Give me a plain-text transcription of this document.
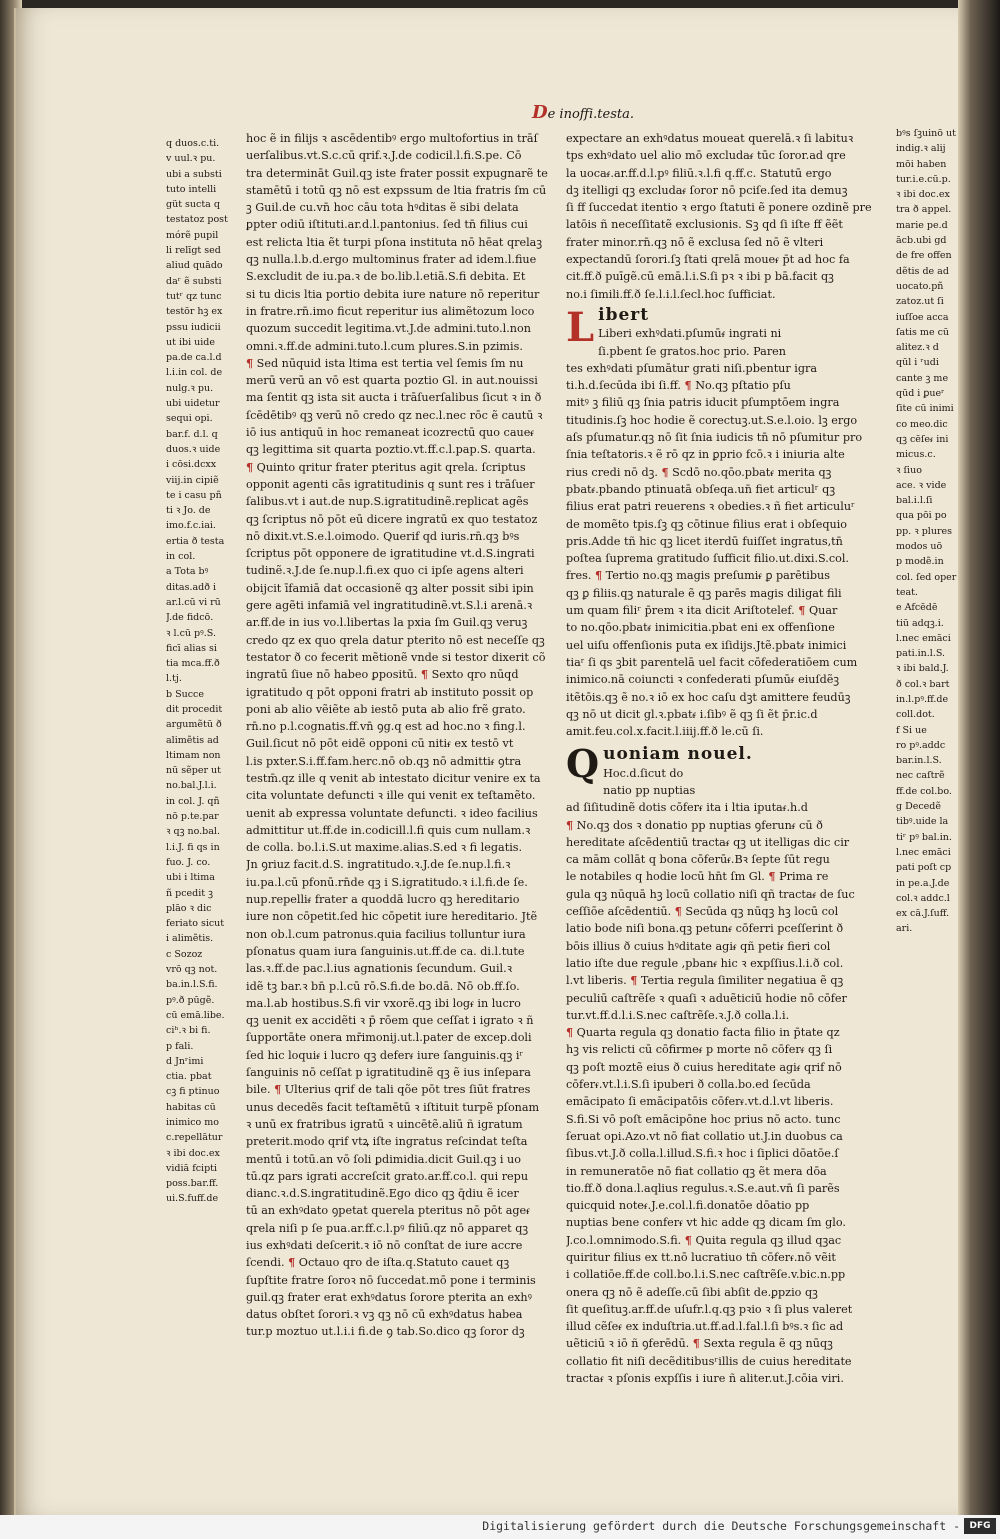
De inoffi.testa.

q duos.c.ti.

v uul.ꝛ pu.

ubi a substi

tuto intelli

güt sucta q

testatoz post

mórẽ pupil

li relīgt sed

aliud quādo

daʳ ẽ substi

tutʳ qz tunc

testōr hꝫ ex

pssu iudicii

ut ibi uide

pa.de ca.l.d

l.i.in col. de

nulg.ꝛ pu.

ubi uidetur

sequi opi.

bar.f. d.l. q

duos.ꝛ uide

i cōsi.dcxx

viij.in cipiẽ

te i casu pñ

ti ꝛ Jo. de

imo.f.c.iai.

ertia ð testa

in col.

a Tota bꝰ

ditas.adð i

ar.l.cū vi rū

J.de fidcō.

ꝛ l.cū pꝰ.S.

ficī alias si

tia mca.ff.ð

l.tj.

b Succe

dit procedit

argumẽtū ð

alimẽtis ad

ltimam non

nū sẽper ut

no.bal.J.l.i.

in col. J. qñ

nō p.te.par

ꝛ qꝫ no.bal.

l.i.J. fi qs in

fuo. J. co.

ubi i ltima

ñ pcedit ꝫ

plāo ꝛ dic

feriato sicut

i alimẽtis.

c Sozoz

vrō qꝫ not.

ba.in.l.S.fi.

pꝰ.ð pūgẽ.

cū emā.libe.

ciʰ.ꝛ bi fi.

p fali.

d Jnʳimi

ctia. pbat

cꝫ fi ptinuo

habitas cū

inimico mo

c.repellātur

ꝛ ibi doc.ex

vidiā fcipti

poss.bar.ff.

ui.S.fuff.de

hoc ẽ in filijs ꝛ ascēdentibꝰ ergo multofortius in trāſ

uerſalibus.vt.S.c.cū qrif.ꝛ.J.de codicil.l.fi.S.pe. Cō

tra determināt Guil.qꝫ iste frater possit expugnarẽ te

stamētū i totū qꝫ nō est expssum de ltia fratris ſm cū

ꝫ Guil.de cu.vn̄ hoc cāu tota hꝰditas ẽ sibi delata

ꝑpter odiū iſtituti.ar.d.l.pantonius. ſed tn̄ filius cui

est relicta ltia ẽt turpi pſona instituta nō hēat qrelaꝫ

qꝫ nulla.l.b.d.ergo multominus frater ad idem.l.fiue

S.excludit de iu.pa.ꝛ de bo.lib.l.etiā.S.fi debita. Et

si tu dicis ltia portio debita iure nature nō reperitur

in fratre.rn̄.imo ficut reperitur ius alimẽtozum loco

quozum succedit legitima.vt.J.de admini.tuto.l.non

omni.ꝛ.ff.de admini.tuto.l.cum plures.S.in pzimis.

¶ Sed nūquid ista ltima est tertia vel ſemis ſm nu

merū verū an vō est quarta poztio Gl. in aut.nouissi

ma ſentit qꝫ ista sit aucta i trāſuerſalibus ſicut ꝛ in ð

ſcēdētibꝰ qꝫ verū nō credo qz nec.l.nec rōc ẽ cautū ꝛ

iō ius antiquū in hoc remaneat icozrectū quo caueᵳ

qꝫ legittima sit quarta poztio.vt.ff.c.l.pap.S. quarta.

¶ Quinto qritur frater pteritus agit qrela. ſcriptus

opponit agenti cās igratitudinis q sunt res i trāſuer

ſalibus.vt i aut.de nup.S.igratitudinẽ.replicat agẽs

qꝫ ſcriptus nō pōt eū dicere ingratū ex quo testatoz

nō dixit.vt.S.e.l.oimodo. Querif qd iuris.rn̄.qꝫ bꝰs

ſcriptus pōt opponere de igratitudine vt.d.S.ingrati

tudinẽ.ꝛ.J.de ſe.nup.l.fi.ex quo ci ipſe agens alteri

obijcit īfamiā dat occasionẽ qꝫ alter possit sibi ipin

gere agẽti infamiā vel ingratitudinẽ.vt.S.l.i arenā.ꝛ

ar.ff.de in ius vo.l.libertas la pxia ſm Guil.qꝫ veruꝫ

credo qz ex quo qrela datur pterito nō est neceſſe qꝫ

testator ð co fecerit mẽtionẽ vnde si testor dixerit cõ

ingratū ſiue nō habeo ꝑpositū. ¶ Sexto qro nūqd

igratitudo q pōt opponi fratri ab instituto possit op

poni ab alio vẽiẽte ab iestō puta ab alio frẽ grato.

rn̄.no p.l.cognatis.ff.vn̄ ꝯg.q est ad hoc.no ꝛ fing.l.

Guil.ſicut nō pōt eidẽ opponi cū nitiᵳ ex testō vt

l.is pxter.S.i.ff.fam.herc.nō ob.qꝫ nō admittiᵳ ꝯtra

testm̄.qz ille q venit ab intestato dicitur venire ex ta

cita voluntate defuncti ꝛ ille qui venit ex teſtamẽto.

uenit ab expressa voluntate defuncti. ꝛ ideo facilius

admittitur ut.ff.de in.codicill.l.fi quis cum nullam.ꝛ

de colla. bo.l.i.S.ut maxime.alias.S.ed ꝛ fi legatis.

Jn ꝯriuz facit.d.S. ingratitudo.ꝛ.J.de ſe.nup.l.fi.ꝛ

iu.pa.l.cū pfonū.rn̄de qꝫ i S.igratitudo.ꝛ i.l.fi.de ſe.

nup.repelliᵳ frater a quoddā lucro qꝫ hereditario

iure non cōpetit.ſed hic cōpetit iure hereditario. Jtẽ

non ob.l.cum patronus.quia facilius tolluntur iura

pſonatus quam iura ſanguinis.ut.ff.de ca. di.l.tute

las.ꝛ.ff.de pac.l.ius agnationis ſecundum. Guil.ꝛ

idẽ tꝫ bar.ꝛ bn̄ p.l.cū rō.S.fi.de bo.dā. Nō ob.ff.ſo.

ma.l.ab hostibus.S.fi vir vxorẽ.qꝫ ibi logᵳ in lucro

qꝫ uenit ex accidẽti ꝛ p̄ rōem que ceſſat i igrato ꝛ ñ

ſupportāte onera mr̄imonij.ut.l.pater de excep.doli

ſed hic loquiᵳ i lucro qꝫ deferᵳ iure ſanguinis.qꝫ iʳ

ſanguinis nō ceſſat p igratitudinẽ qꝫ ẽ ius inſepara

bile. ¶ Ulterius qrif de tali qõe pōt tres ſiūt fratres

unus decedẽs facit teſtamētū ꝛ iſtituit turpẽ pſonam

ꝛ unū ex fratribus igratū ꝛ uincētẽ.aliū ñ igratum

preterit.modo qrif vtꝝ iſte ingratus reſcindat teſta

mentū i totū.an vō ſoli ꝑdimidia.dicit Guil.qꝫ i uo

tū.qz pars igrati accreſcit grato.ar.ff.co.l. qui repu

dianc.ꝛ.d.S.ingratitudinẽ.Ego dico qꝫ q̄diu ẽ icer

tū an exhꝰdato ꝯpetat querela pteritus nō pōt ageᵳ

qrela niſi p ſe pua.ar.ff.c.l.pꝰ filiū.qz nō apparet qꝫ

ius exhꝰdati deſcerit.ꝛ iō nō conſtat de iure accre

ſcendi. ¶ Octauo qro de iſta.q.Statuto cauet qꝫ

ſupſtite fratre ſoroꝛ nō ſuccedat.mō pone i terminis

guil.qꝫ frater erat exhꝰdatus ſorore pterita an exhꝰ

datus obſtet ſorori.ꝛ vꝫ qꝫ nō cū exhꝰdatus habea

tur.p moztuo ut.l.i.i fi.de ꝯ tab.So.dico qꝫ ſoror dꝫ

expectare an exhꝰdatus moueat querelā.ꝛ ſi labituꝛ

tps exhꝰdato uel alio mō excludaᵳ tūc ſoror.ad qre

la uocaᵳ.ar.ff.d.l.pꝰ filiū.ꝛ.l.fi q.ff.c. Statutū ergo

dꝫ itelligi qꝫ excludaᵳ ſoror nō pciſe.ſed ita demuꝫ

ſi ff ſuccedat itentio ꝛ ergo ſtatuti ẽ ponere ozdinẽ pre

latōis ñ neceſſitatẽ exclusionis. Sꝫ qd ſi iſte ff ẽẽt

frater minor.rn̄.qꝫ nō ẽ exclusa ſed nō ẽ vlteri

expectandū ſorori.ſꝫ ſtati qrelā moueᵳ p̄t ad hoc fa

cit.ff.ð puīgẽ.cū emā.l.i.S.ſi pꝛ ꝛ ibi p bā.facit qꝫ

no.i ſimili.ff.ð ſe.l.i.l.ſecl.hoc ſufficiat.

L ibert

Liberi exhꝰdati.pſumūᵳ ingrati ni

ſi.pbent ſe gratos.hoc prio. Paren

tes exhꝰdati pſumātur grati niſi.pbentur igra

ti.h.d.ſecūda ibi ſi.ff. ¶ No.qꝫ pſtatio pſu

mitꝰ ꝫ filiū qꝫ ſnia patris iducit pſumptōem ingra

titudinis.ſꝫ hoc hodie ẽ corectuꝫ.ut.S.e.l.oio. lꝫ ergo

aſs pſumatur.qꝫ nō ſit ſnia iudicis tn̄ nō pſumitur pro

ſnia teſtatoris.ꝛ ẽ rō qz in ꝑprio fcō.ꝛ i iniuria alte

rius credi nō dꝫ. ¶ Scdō no.qōo.pbatᵳ merita qꝫ

pbatᵳ.pbando ptinuatā obſeqa.un̄ fiet articulʳ qꝫ

filius erat patri reuerens ꝛ obedies.ꝛ ñ fiet articuluʳ

de momẽto tpis.ſꝫ qꝫ cōtinue filius erat i obſequio

pris.Adde tñ hic qꝫ licet iterdū fuiſſet ingratus,tn̄

poſtea ſuprema gratitudo ſufficit filio.ut.dixi.S.col.

fres. ¶ Tertio no.qꝫ magis preſumiᵳ ꝑ parētibus

qꝫ ꝑ filiis.qꝫ naturale ẽ qꝫ parēs magis diligat fili

um quam filiʳ p̄rem ꝛ ita dicit Ariſtotelef. ¶ Quar

to no.qōo.pbatᵳ inimicitia.pbat eni ex offenſione

uel uiſu offenſionis puta ex iſidijs.Jtẽ.pbatᵳ inimici

tiaʳ ſi qs ꝫbit parentelā uel facit cōfederatiōem cum

inimico.nā coiuncti ꝛ confederati pſumūᵳ eiuſdẽꝫ

itẽtōis.qꝫ ẽ no.ꝛ iō ex hoc caſu dꝫt amittere feudūꝫ

qꝫ nō ut dicit gl.ꝛ.pbatᵳ i.ſibꝰ ẽ qꝫ ſi ẽt p̄r.ic.d

amit.feu.col.x.facit.l.iiij.ff.ð le.cū ſi.

Q uoniam nouel.

Hoc.d.ſicut do

natio pp nuptias

ad ſiſitudinẽ dotis cōferᵳ ita i ltia iputaᵳ.h.d

¶ No.qꝫ dos ꝛ donatio pp nuptias ꝯferunᵳ cū ð

hereditate aſcēdentiū tractaᵳ qꝫ ut itelligas dic cir

ca mām collāt q bona cōferūᵳ.Bꝛ ſepte ſūt regu

le notabiles q hodie locū hn̄t ſm Gl. ¶ Prima re

gula qꝫ nūquā hꝫ locū collatio niſi qñ tractaᵳ de ſuc

ceſſiōe aſcēdentiū. ¶ Secūda qꝫ nūqꝫ hꝫ locū col

latio bode niſi bona.qꝫ petunᵳ cōferri pceſſerint ð

bōis illius ð cuius hꝰditate agiᵳ qñ petiᵳ fieri col

latio iſte due regule ,pbanᵳ hic ꝛ expſſius.l.i.ð col.

l.vt liberis. ¶ Tertia regula ſimiliter negatiua ẽ qꝫ

peculiū caſtrẽſe ꝛ quaſi ꝛ aduẽticiū hodie nō cōfer

tur.vt.ff.d.l.i.S.nec caſtrẽſe.ꝛ.J.ð colla.l.i.

¶ Quarta regula qꝫ donatio facta filio in p̄tate qz

hꝫ vis relicti cū cōfirmeᵳ p morte nō cōferᵳ qꝫ ſi

qꝫ poſt moztẽ eius ð cuius hereditate agiᵳ qrif nō

cōferᵳ.vt.l.i.S.ſi ipuberi ð colla.bo.ed ſecūda

emācipato ſi emācipatōis cōferᵳ.vt.d.l.vt liberis.

S.fi.Si vō poſt emācipōne hoc prius nō acto. tunc

ſeruat opi.Azo.vt nō fiat collatio ut.J.in duobus ca

ſibus.vt.J.ð colla.l.illud.S.fi.ꝛ hoc i ſiplici dōatōe.ſ

in remuneratōe nō fiat collatio qꝫ ẽt mera dōa

tio.ff.ð dona.l.aqlius regulus.ꝛ.S.e.aut.vn̄ ſi parẽs

quicquid noteᵳ.J.e.col.l.fi.donatōe dōatio pp

nuptias bene conferᵳ vt hic adde qꝫ dicam ſm glo.

J.co.l.omnimodo.S.fi. ¶ Quita regula qꝫ illud qꝫac

quiritur filius ex tt.nō lucratiuo tn̄ cōferᵳ.nō vẽit

i collatiōe.ff.de coll.bo.l.i.S.nec caſtrẽſe.v.bic.n.pp

onera qꝫ nō ẽ adeſſe.cū ſibi abſit de.ꝑpzio qꝫ

ſit queſituꝫ.ar.ff.de uſufr.l.q.qꝫ pꝛio ꝛ ſi plus valeret

illud cẽſeᵳ ex induſtria.ut.ff.ad.l.fal.l.ſi bꝰs.ꝛ ſic ad

uẽticiū ꝛ iō ñ ꝯferēdū. ¶ Sexta regula ẽ qꝫ nūqꝫ

collatio fit niſi decẽditibusʳillis de cuius hereditate

tractaᵳ ꝛ pſonis expſſis i iure ñ aliter.ut.J.cōia viri.

bꝰs ſꝫuinō ut

indig.ꝛ alij

mōi haben

tur.i.e.cū.p.

ꝛ ibi doc.ex

tra ð appel.

marie pe.d

ācb.ubi gd

de fre offen

dẽtis de ad

uocato.pñ

zatoz.ut ſi

iuſſoe acca

ſatis me cū

alitez.ꝛ d

qūl i ʳudi

cante ꝫ me

qūd i ꝑueʳ

ſite cū inimi

co meo.dic

qꝫ cēſeᵳ ini

micus.c.

ꝛ ſiuo

ace. ꝛ vide

bal.i.l.ſi

qua pōi po

pp. ꝛ plures

modos uō

p modẽ.in

col. ſed oper

teat.

e Afcēdē

tiū adqꝫ.i.

l.nec emāci

pati.in.l.S.

ꝛ ibi bald.J.

ð col.ꝛ bart

in.l.pꝰ.ff.de

coll.dot.

f Si ue

ro pꝰ.addc

bar.in.l.S.

nec caſtrẽ

ff.de col.bo.

g Decedẽ

tibꝰ.uide la

tiʳ pꝰ bal.in.

l.nec emāci

pati poſt cp

in pe.a.J.de

col.ꝛ addc.l

ex cā.J.ſuff.

ari.

Digitalisierung gefördert durch die Deutsche Forschungsgemeinschaft -	DFG
